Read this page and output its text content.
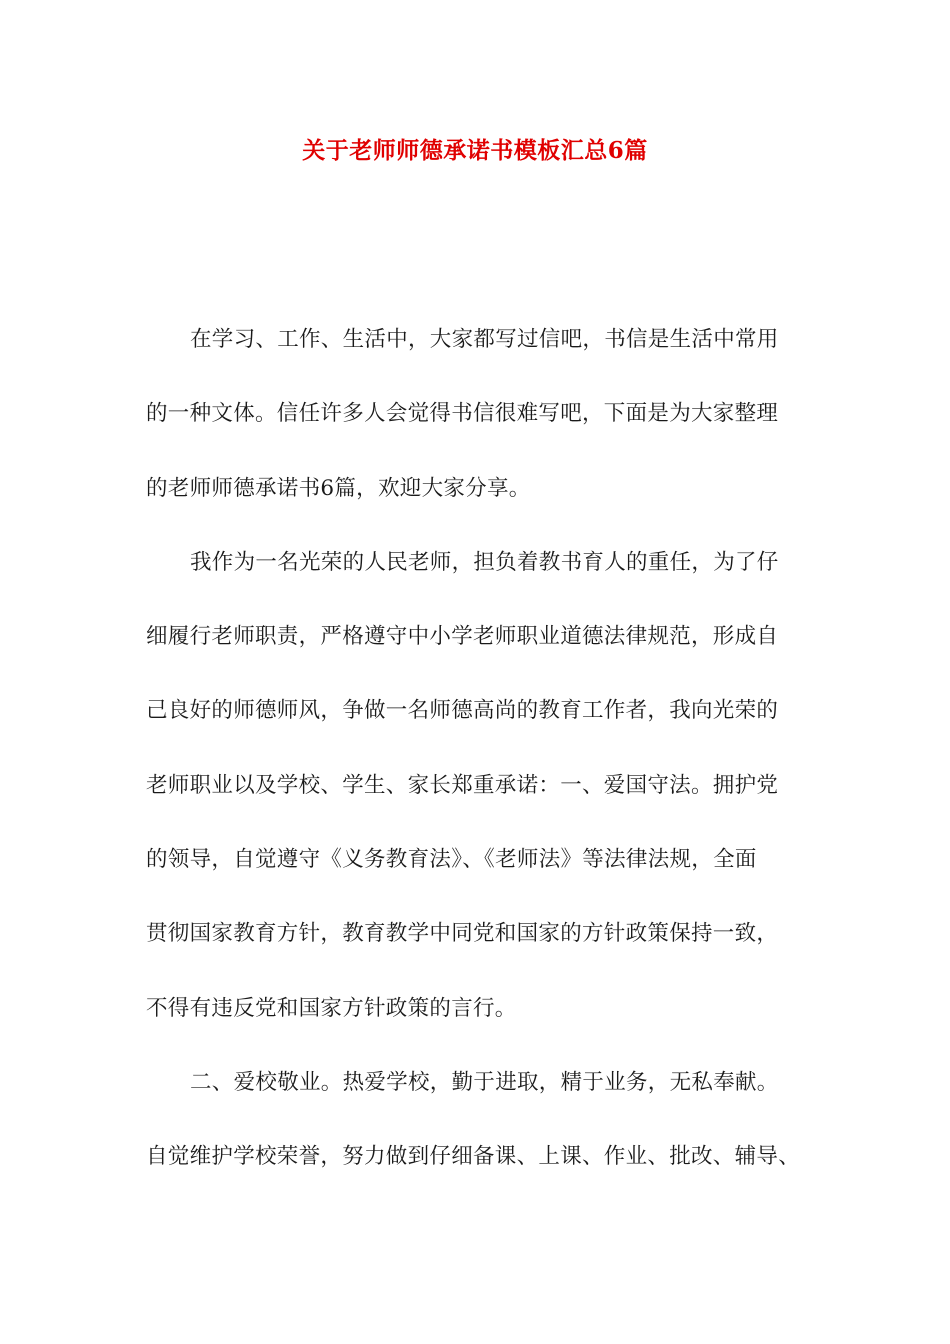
关于老师师德承诺书模板汇总6篇
在学习、工作、生活中，大家都写过信吧，书信是生活中常用
的一种文体。信任许多人会觉得书信很难写吧，下面是为大家整理
的老师师德承诺书6篇，欢迎大家分享。
我作为一名光荣的人民老师，担负着教书育人的重任，为了仔
细履行老师职责，严格遵守中小学老师职业道德法律规范，形成自
己良好的师德师风，争做一名师德高尚的教育工作者，我向光荣的
老师职业以及学校、学生、家长郑重承诺：一、爱国守法。拥护党
的领导，自觉遵守《义务教育法》、《老师法》等法律法规，全面
贯彻国家教育方针，教育教学中同党和国家的方针政策保持一致，
不得有违反党和国家方针政策的言行。
二、爱校敬业。热爱学校，勤于进取，精于业务，无私奉献。
自觉维护学校荣誉，努力做到仔细备课、上课、作业、批改、辅导、
